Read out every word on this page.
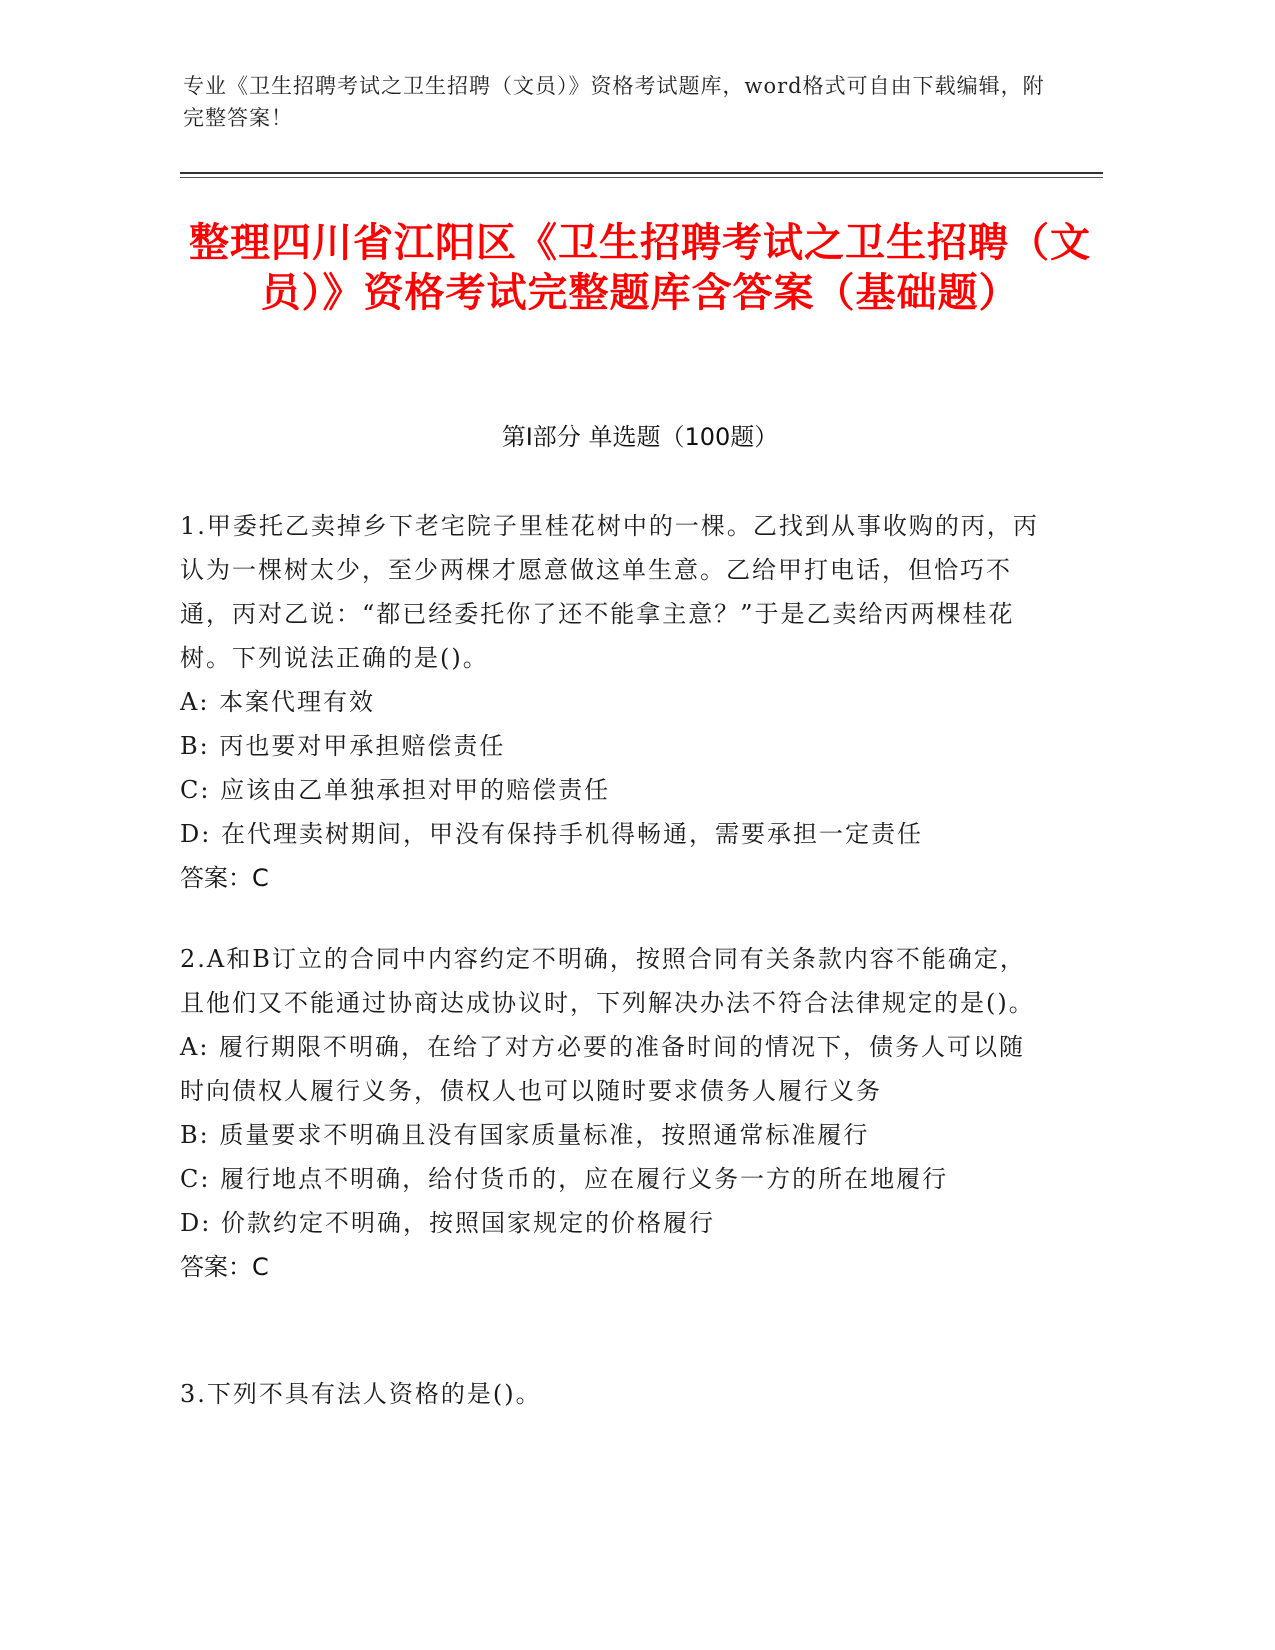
专业《卫生招聘考试之卫生招聘（文员）》资格考试题库，word格式可自由下载编辑，附完整答案！
整理四川省江阳区《卫生招聘考试之卫生招聘（文员）》资格考试完整题库含答案（基础题）
第Ⅰ部分 单选题（100题）

1.甲委托乙卖掉乡下老宅院子里桂花树中的一棵。乙找到从事收购的丙，丙认为一棵树太少，至少两棵才愿意做这单生意。乙给甲打电话，但恰巧不通，丙对乙说：“都已经委托你了还不能拿主意？”于是乙卖给丙两棵桂花树。下列说法正确的是()。

A: 本案代理有效

B: 丙也要对甲承担赔偿责任

C: 应该由乙单独承担对甲的赔偿责任

D: 在代理卖树期间，甲没有保持手机得畅通，需要承担一定责任

答案：C

2.A和B订立的合同中内容约定不明确，按照合同有关条款内容不能确定，且他们又不能通过协商达成协议时，下列解决办法不符合法律规定的是()。

A: 履行期限不明确，在给了对方必要的准备时间的情况下，债务人可以随时向债权人履行义务，债权人也可以随时要求债务人履行义务

B: 质量要求不明确且没有国家质量标准，按照通常标准履行

C: 履行地点不明确，给付货币的，应在履行义务一方的所在地履行

D: 价款约定不明确，按照国家规定的价格履行

答案：C

3.下列不具有法人资格的是()。
